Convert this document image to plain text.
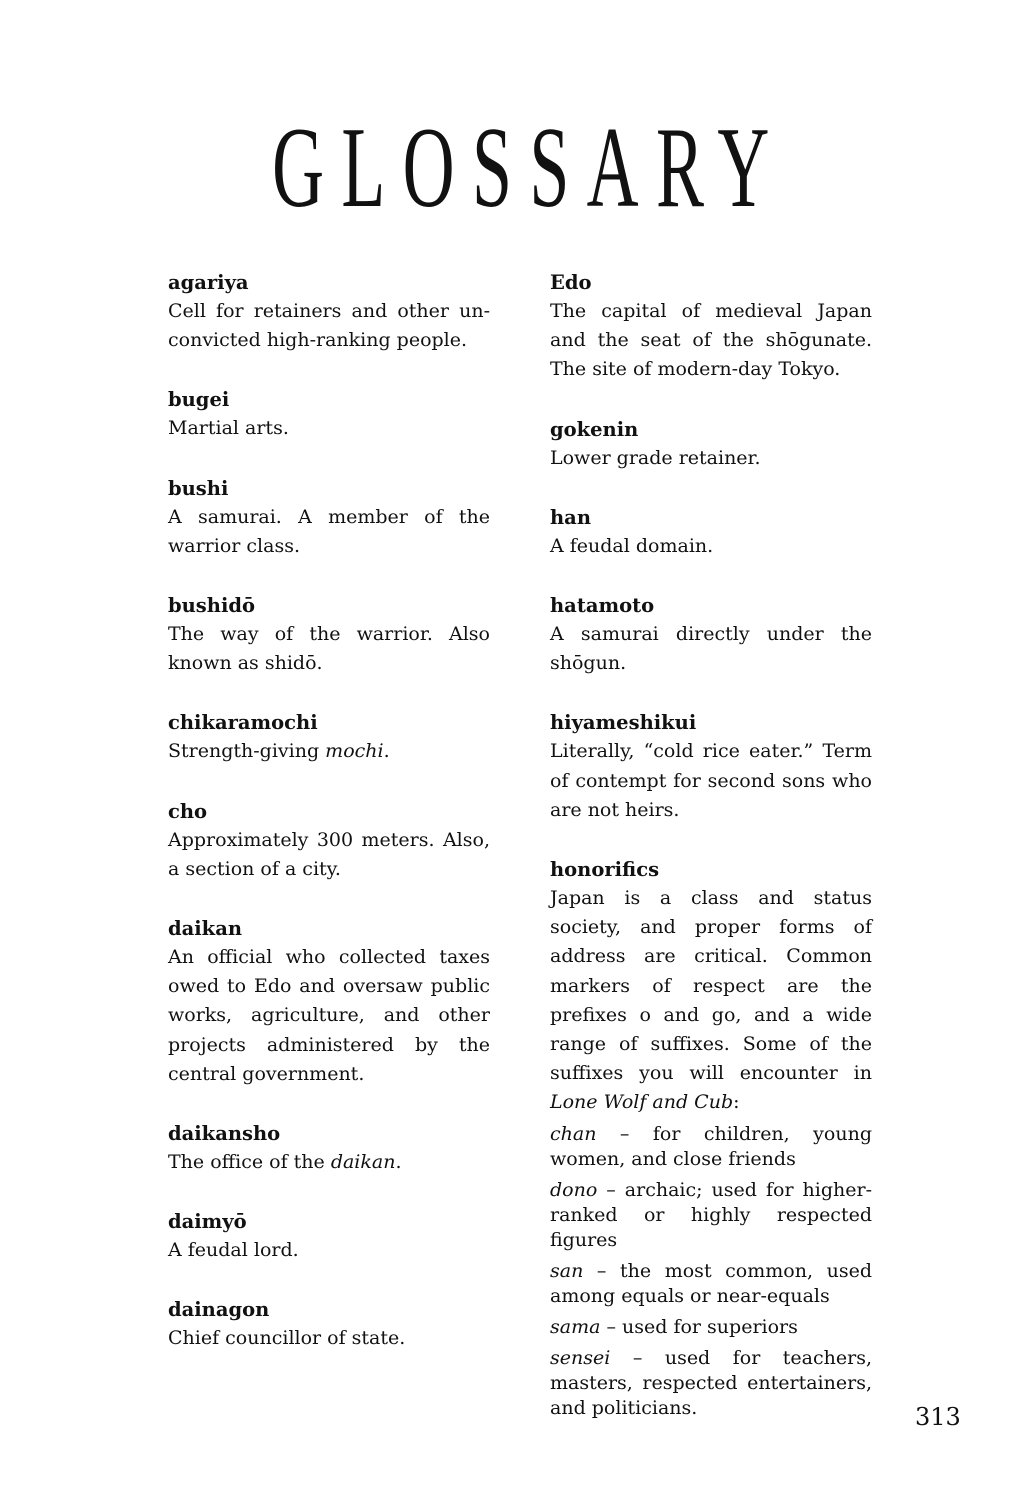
GLOSSARY

agariya

Cell for retainers and other unconvicted high-ranking people.

bugei

Martial arts.

bushi

A samurai. A member of the warrior class.

bushidō

The way of the warrior. Also known as shidō.

chikaramochi

Strength-giving mochi.

cho

Approximately 300 meters. Also, a section of a city.

daikan

An official who collected taxes owed to Edo and oversaw public works, agriculture, and other projects administered by the central government.

daikansho

The office of the daikan.

daimyō

A feudal lord.

dainagon

Chief councillor of state.

Edo

The capital of medieval Japan and the seat of the shōgunate. The site of modern-day Tokyo.

gokenin

Lower grade retainer.

han

A feudal domain.

hatamoto

A samurai directly under the shōgun.

hiyameshikui

Literally, “cold rice eater.” Term of contempt for second sons who are not heirs.

honorifics

Japan is a class and status society, and proper forms of address are critical. Common markers of respect are the prefixes o and go, and a wide range of suffixes. Some of the suffixes you will encounter in Lone Wolf and Cub:

chan – for children, young women, and close friends

dono – archaic; used for higher-ranked or highly respected figures

san – the most common, used among equals or near-equals

sama – used for superiors

sensei – used for teachers, masters, respected entertainers, and politicians.	313
